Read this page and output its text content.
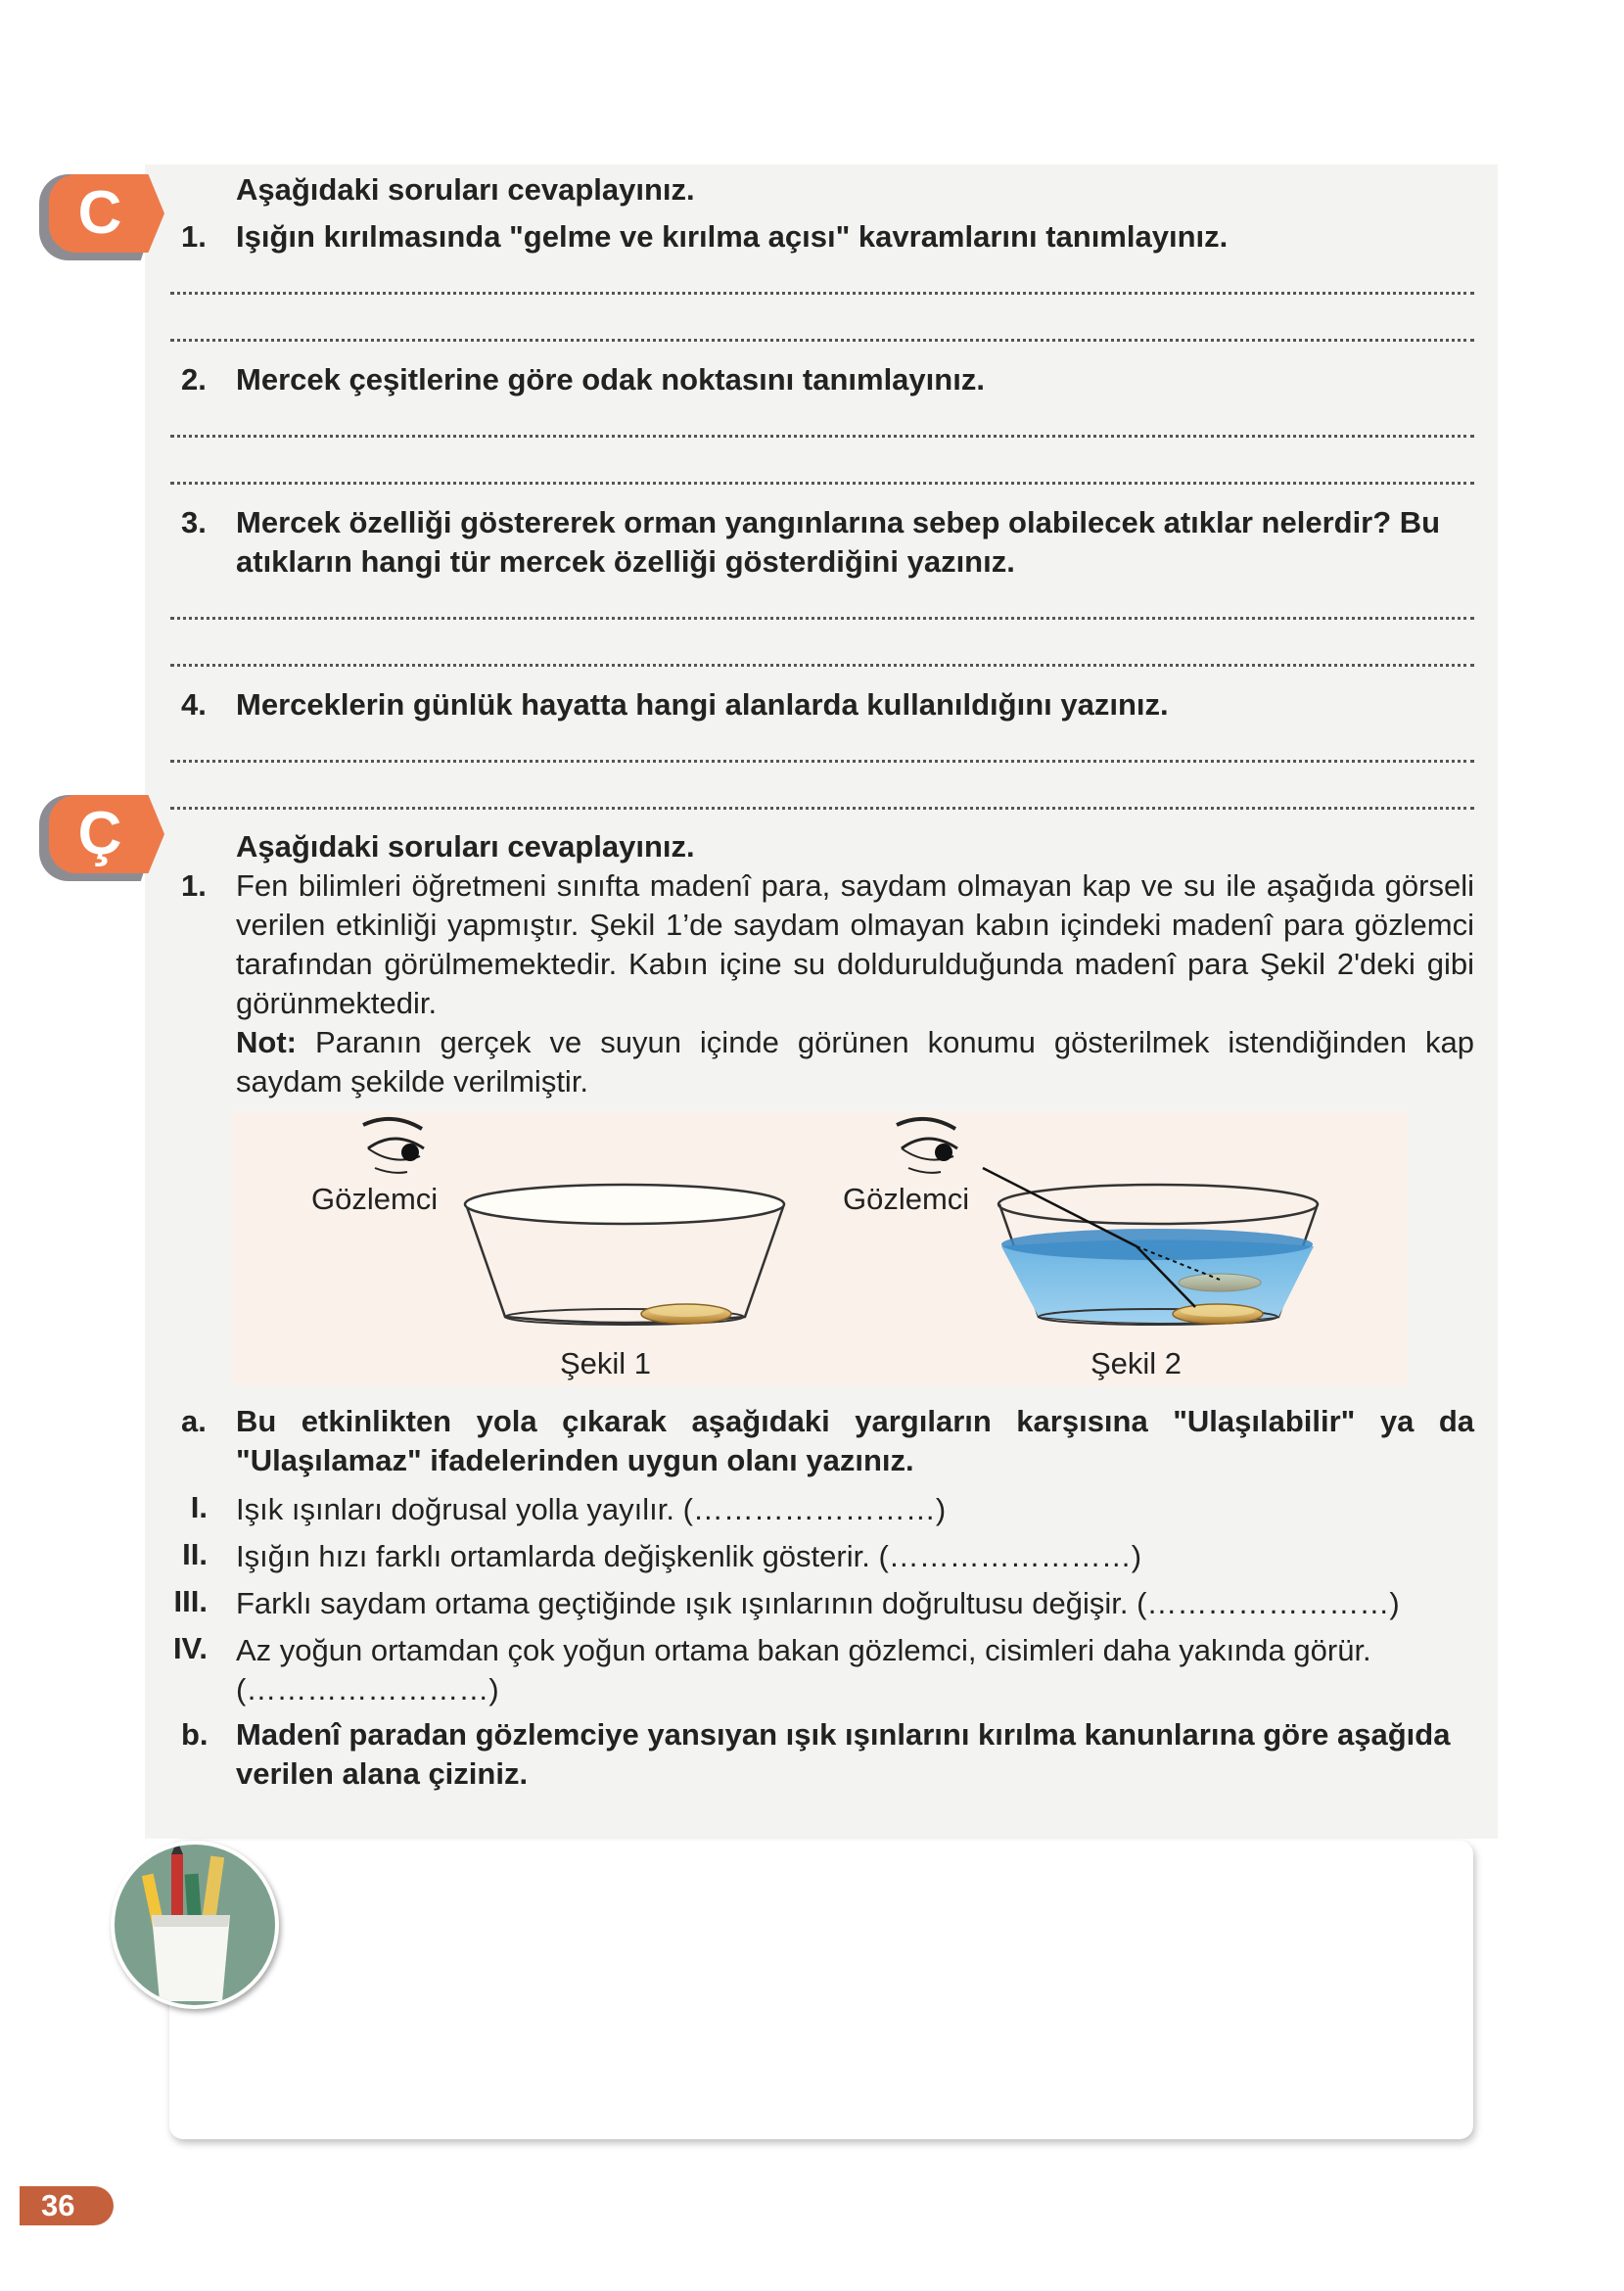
C	Aşağıdaki soruları cevaplayınız.
1. Işığın kırılmasında "gelme ve kırılma açısı" kavramlarını tanımlayınız.
2. Mercek çeşitlerine göre odak noktasını tanımlayınız.
3. Mercek özelliği göstererek orman yangınlarına sebep olabilecek atıklar nelerdir? Bu atıkların hangi tür mercek özelliği gösterdiğini yazınız.
4. Merceklerin günlük hayatta hangi alanlarda kullanıldığını yazınız.
Ç	Aşağıdaki soruları cevaplayınız.
1. Fen bilimleri öğretmeni sınıfta madenî para, saydam olmayan kap ve su ile aşağıda görseli verilen etkinliği yapmıştır. Şekil 1’de saydam olmayan kabın içindeki madenî para gözlemci tarafından görülmemektedir. Kabın içine su doldurulduğunda madenî para Şekil 2'deki gibi görünmektedir.
Not: Paranın gerçek ve suyun içinde görünen konumu gösterilmek istendiğinden kap saydam şekilde verilmiştir.
Gözlemci	Gözlemci
Şekil 1	Şekil 2
a. Bu etkinlikten yola çıkarak aşağıdaki yargıların karşısına "Ulaşılabilir" ya da "Ulaşılamaz" ifadelerinden uygun olanı yazınız.
I. Işık ışınları doğrusal yolla yayılır. (……………………)
II. Işığın hızı farklı ortamlarda değişkenlik gösterir. (……………………)
III. Farklı saydam ortama geçtiğinde ışık ışınlarının doğrultusu değişir. (……………………)
IV. Az yoğun ortamdan çok yoğun ortama bakan gözlemci, cisimleri daha yakında görür. (……………………)
b. Madenî paradan gözlemciye yansıyan ışık ışınlarını kırılma kanunlarına göre aşağıda verilen alana çiziniz.
36
